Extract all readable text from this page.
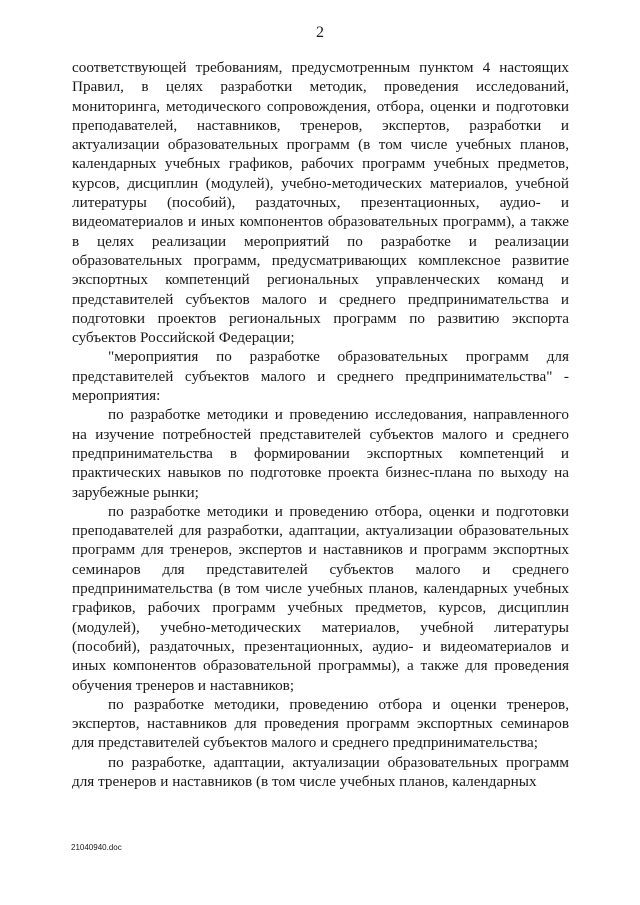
2

соответствующей требованиям, предусмотренным пунктом 4 настоящих Правил, в целях разработки методик, проведения исследований, мониторинга, методического сопровождения, отбора, оценки и подготовки преподавателей, наставников, тренеров, экспертов, разработки и актуализации образовательных программ (в том числе учебных планов, календарных учебных графиков, рабочих программ учебных предметов, курсов, дисциплин (модулей), учебно-методических материалов, учебной литературы (пособий), раздаточных, презентационных, аудио- и видеоматериалов и иных компонентов образовательных программ), а также в целях реализации мероприятий по разработке и реализации образовательных программ, предусматривающих комплексное развитие экспортных компетенций региональных управленческих команд и представителей субъектов малого и среднего предпринимательства и подготовки проектов региональных программ по развитию экспорта субъектов Российской Федерации;

"мероприятия по разработке образовательных программ для представителей субъектов малого и среднего предпринимательства" - мероприятия:

по разработке методики и проведению исследования, направленного на изучение потребностей представителей субъектов малого и среднего предпринимательства в формировании экспортных компетенций и практических навыков по подготовке проекта бизнес-плана по выходу на зарубежные рынки;

по разработке методики и проведению отбора, оценки и подготовки преподавателей для разработки, адаптации, актуализации образовательных программ для тренеров, экспертов и наставников и программ экспортных семинаров для представителей субъектов малого и среднего предпринимательства (в том числе учебных планов, календарных учебных графиков, рабочих программ учебных предметов, курсов, дисциплин (модулей), учебно-методических материалов, учебной литературы (пособий), раздаточных, презентационных, аудио- и видеоматериалов и иных компонентов образовательной программы), а также для проведения обучения тренеров и наставников;

по разработке методики, проведению отбора и оценки тренеров, экспертов, наставников для проведения программ экспортных семинаров для представителей субъектов малого и среднего предпринимательства;

по разработке, адаптации, актуализации образовательных программ для тренеров и наставников (в том числе учебных планов, календарных

21040940.doc
